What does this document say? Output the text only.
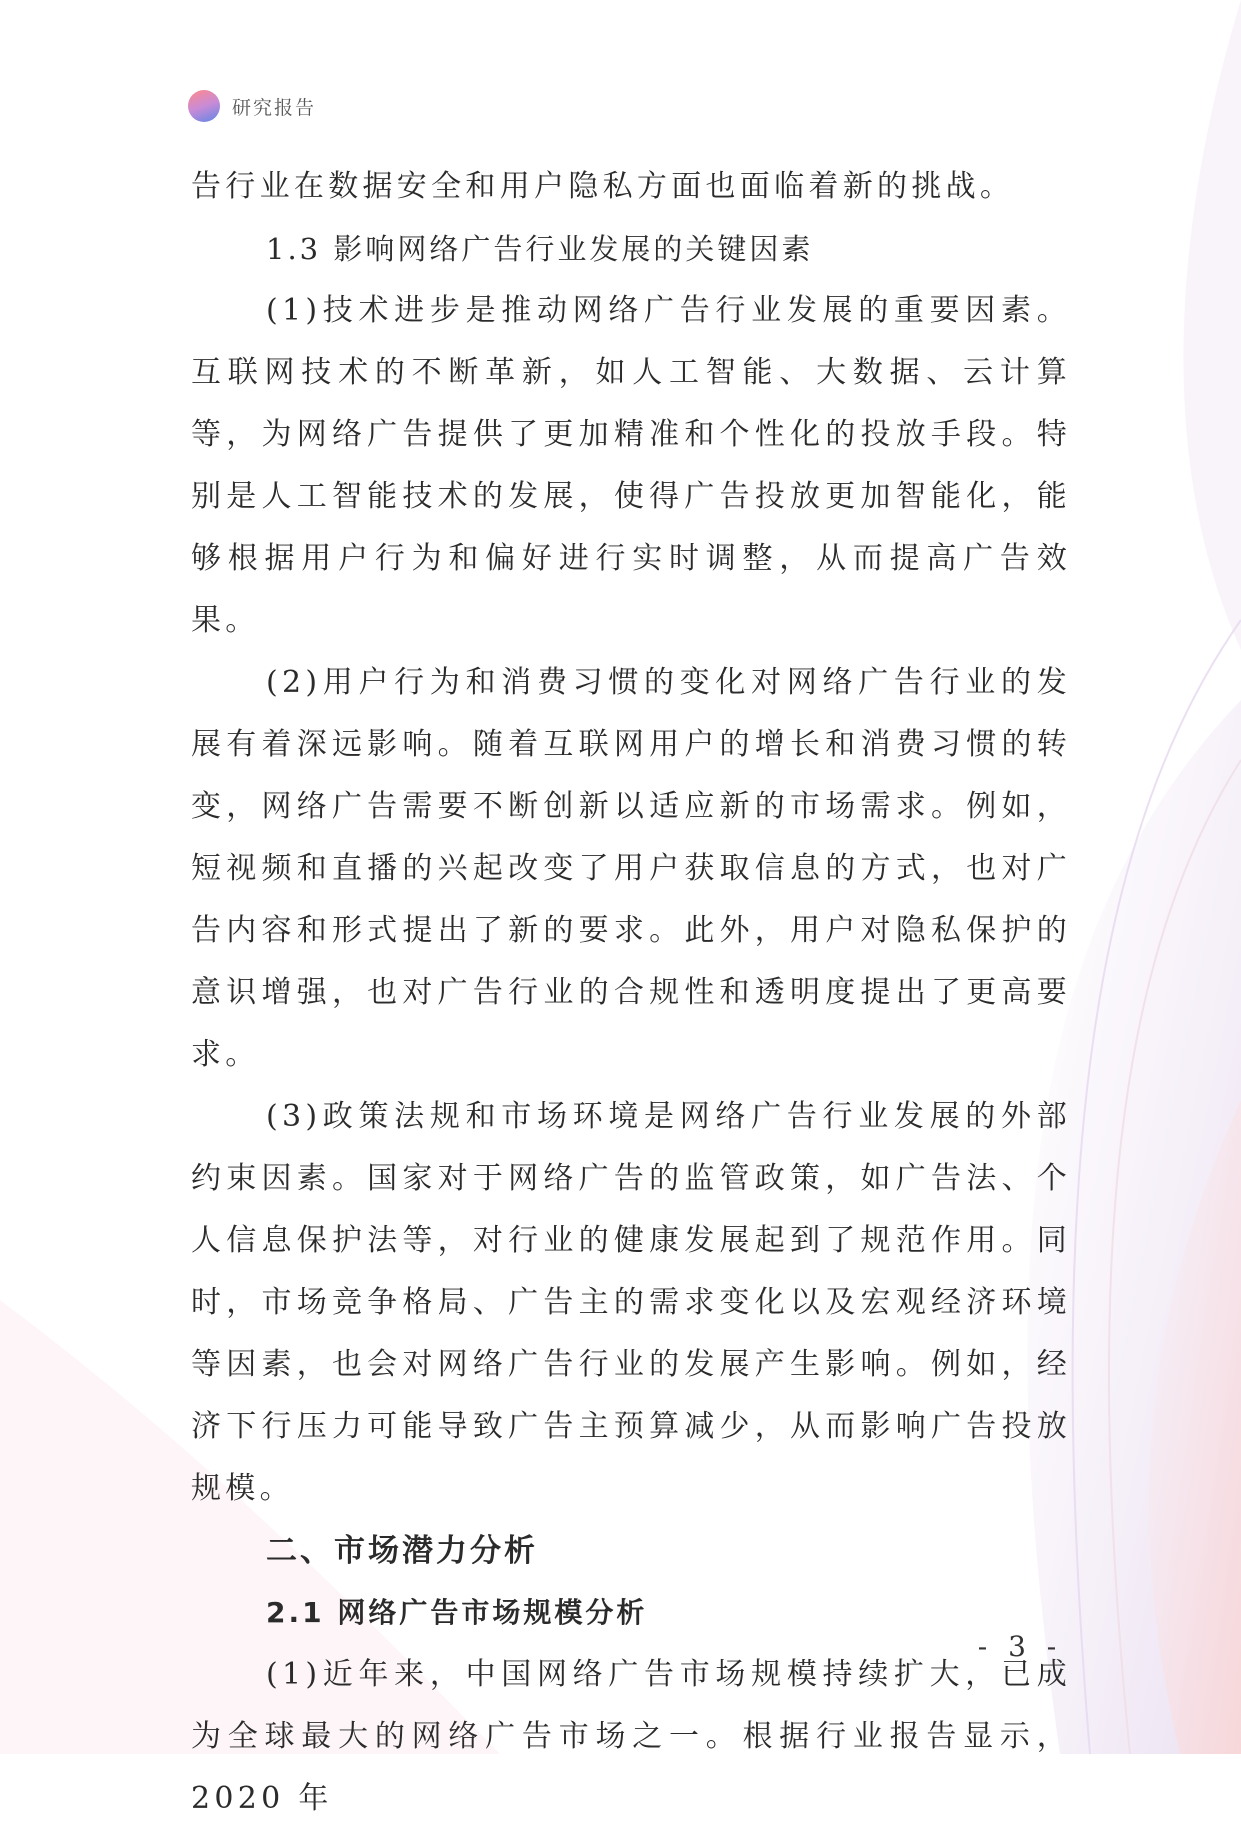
研究报告

告行业在数据安全和用户隐私方面也面临着新的挑战。

1.3 影响网络广告行业发展的关键因素

(1)技术进步是推动网络广告行业发展的重要因素。互联网技术的不断革新，如人工智能、大数据、云计算等，为网络广告提供了更加精准和个性化的投放手段。特别是人工智能技术的发展，使得广告投放更加智能化，能够根据用户行为和偏好进行实时调整，从而提高广告效果。

(2)用户行为和消费习惯的变化对网络广告行业的发展有着深远影响。随着互联网用户的增长和消费习惯的转变，网络广告需要不断创新以适应新的市场需求。例如，短视频和直播的兴起改变了用户获取信息的方式，也对广告内容和形式提出了新的要求。此外，用户对隐私保护的意识增强，也对广告行业的合规性和透明度提出了更高要求。

(3)政策法规和市场环境是网络广告行业发展的外部约束因素。国家对于网络广告的监管政策，如广告法、个人信息保护法等，对行业的健康发展起到了规范作用。同时，市场竞争格局、广告主的需求变化以及宏观经济环境等因素，也会对网络广告行业的发展产生影响。例如，经济下行压力可能导致广告主预算减少，从而影响广告投放规模。

二、市场潜力分析

2.1 网络广告市场规模分析

(1)近年来，中国网络广告市场规模持续扩大，已成为全球最大的网络广告市场之一。根据行业报告显示，2020 年

- 3 -
